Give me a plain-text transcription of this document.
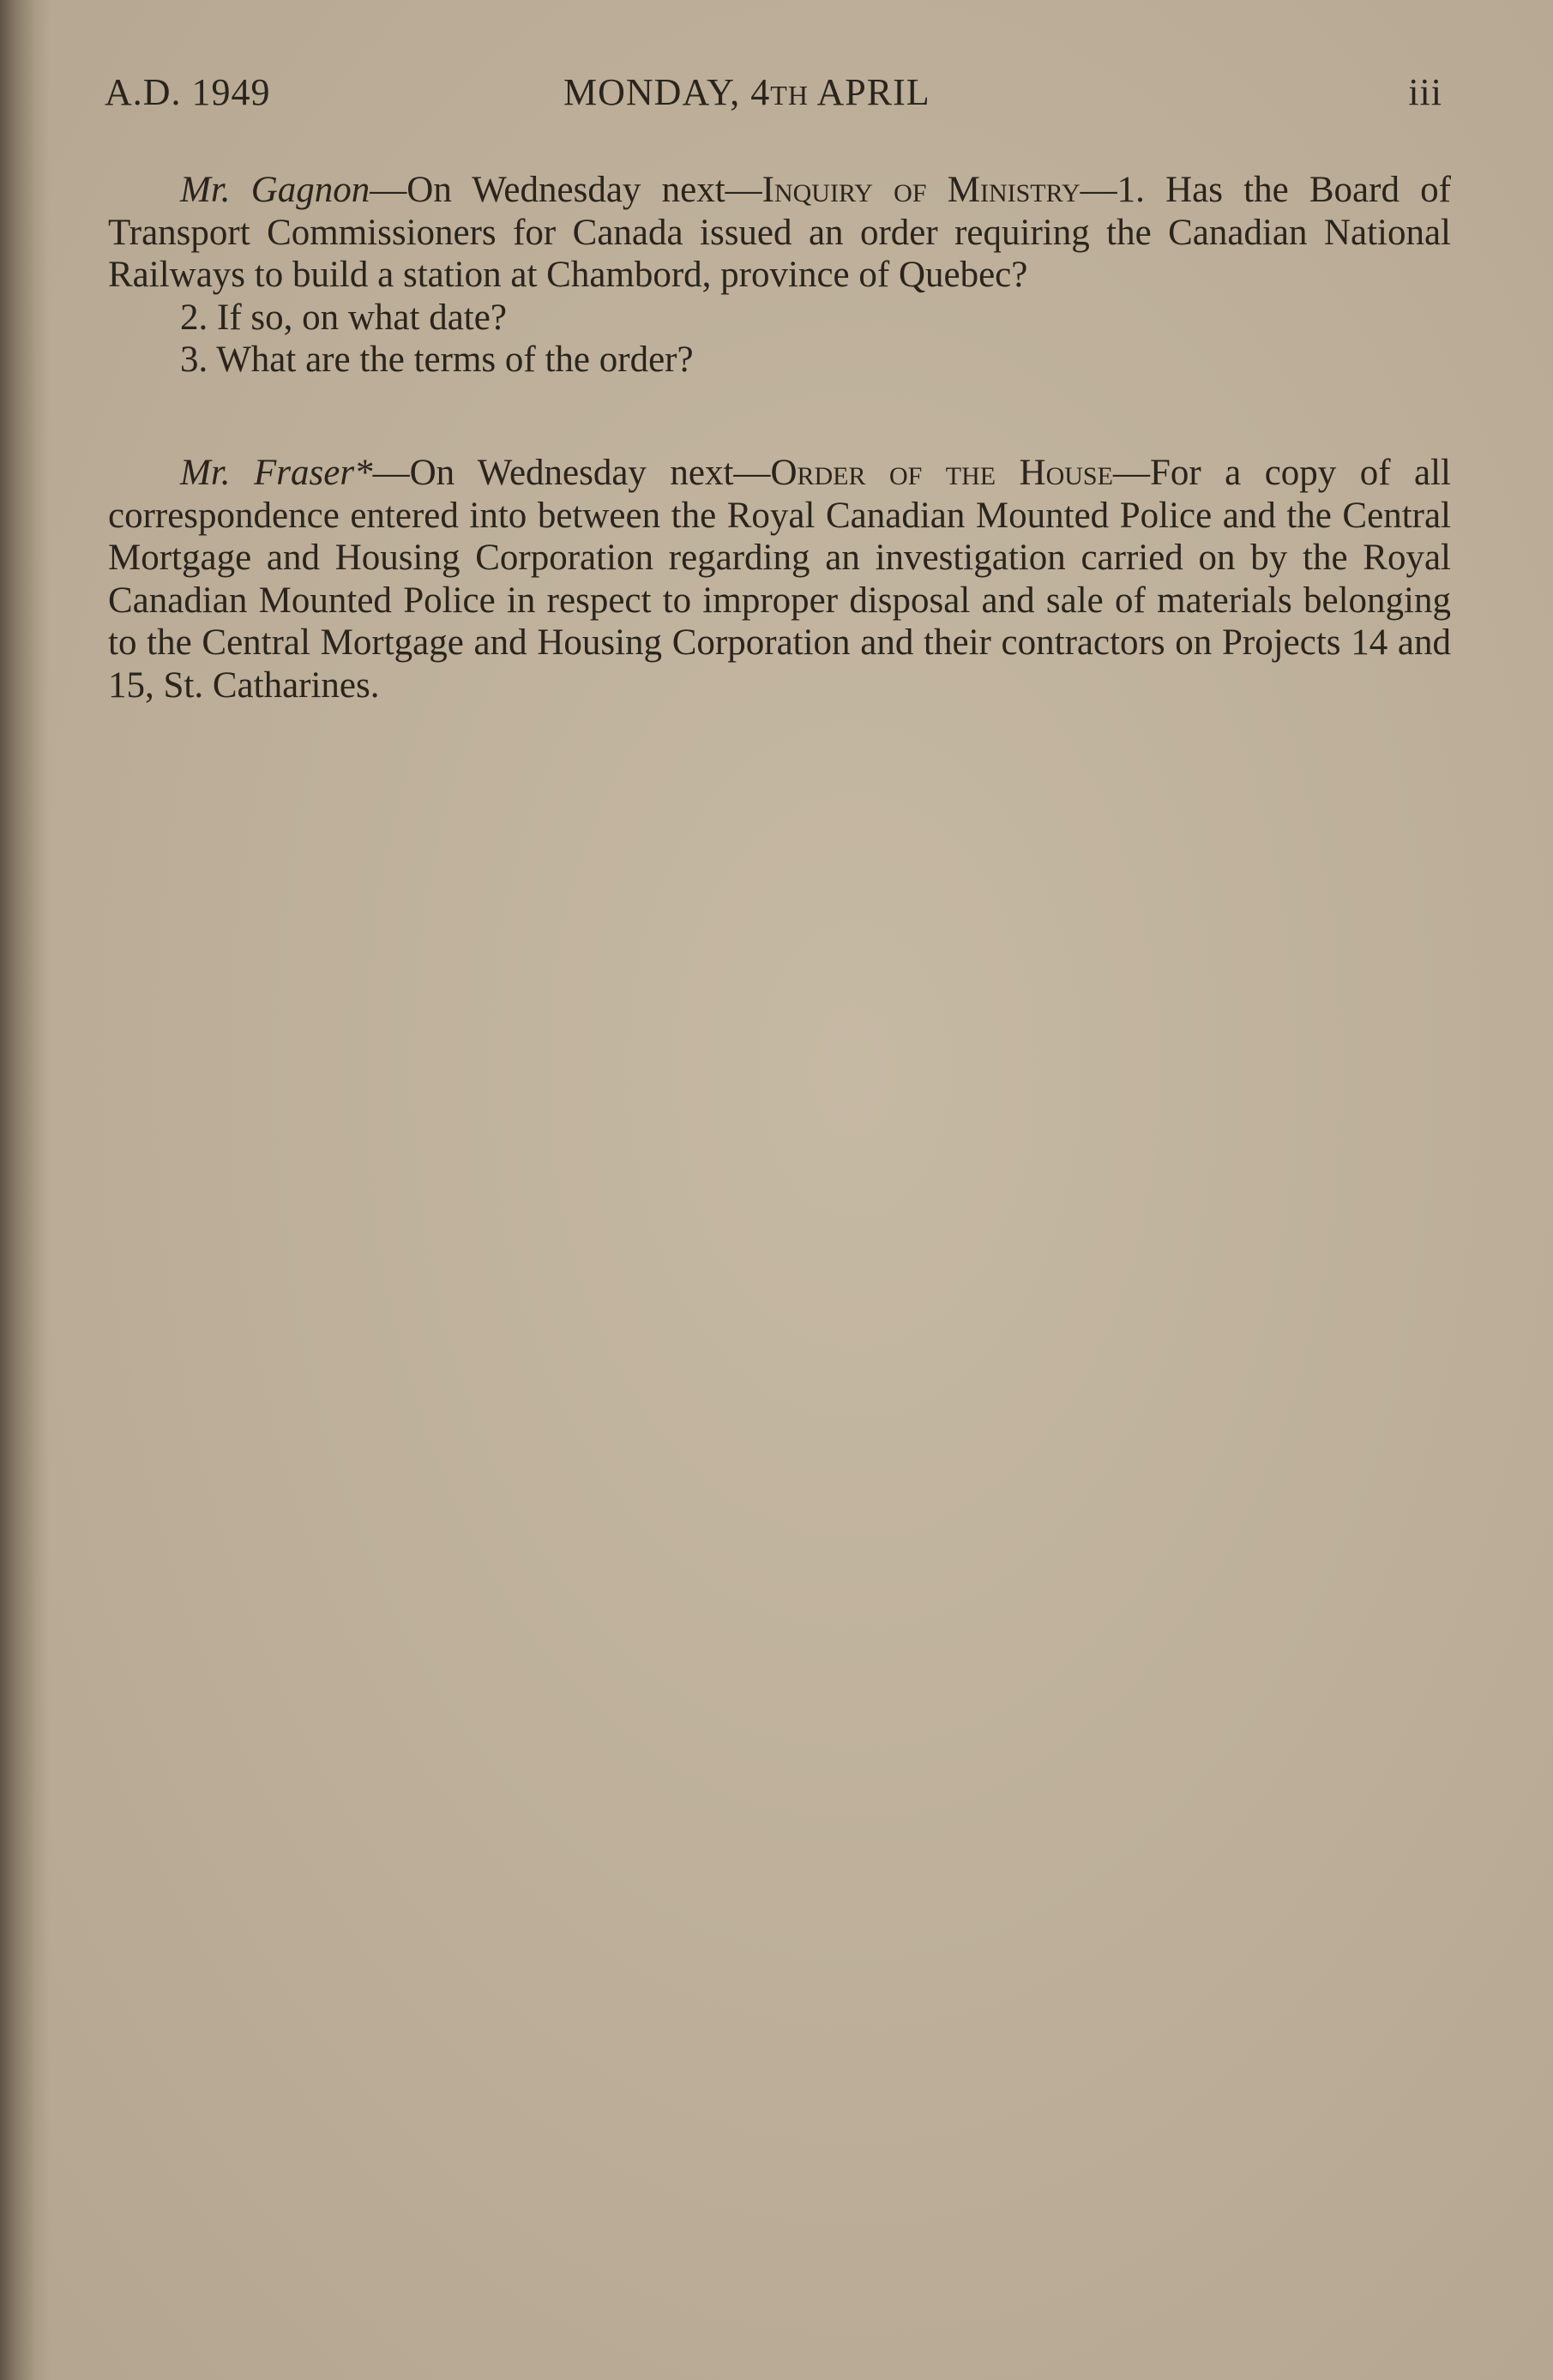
A.D. 1949	MONDAY, 4TH APRIL	iii

Mr. Gagnon—On Wednesday next—Inquiry of Ministry—1. Has the Board of Transport Commissioners for Canada issued an order requiring the Canadian National Railways to build a station at Chambord, province of Quebec?

2. If so, on what date?

3. What are the terms of the order?

Mr. Fraser*—On Wednesday next—Order of the House—For a copy of all correspondence entered into between the Royal Canadian Mounted Police and the Central Mortgage and Housing Corporation regarding an investigation carried on by the Royal Canadian Mounted Police in respect to improper disposal and sale of materials belonging to the Central Mortgage and Housing Corporation and their contractors on Projects 14 and 15, St. Catharines.
